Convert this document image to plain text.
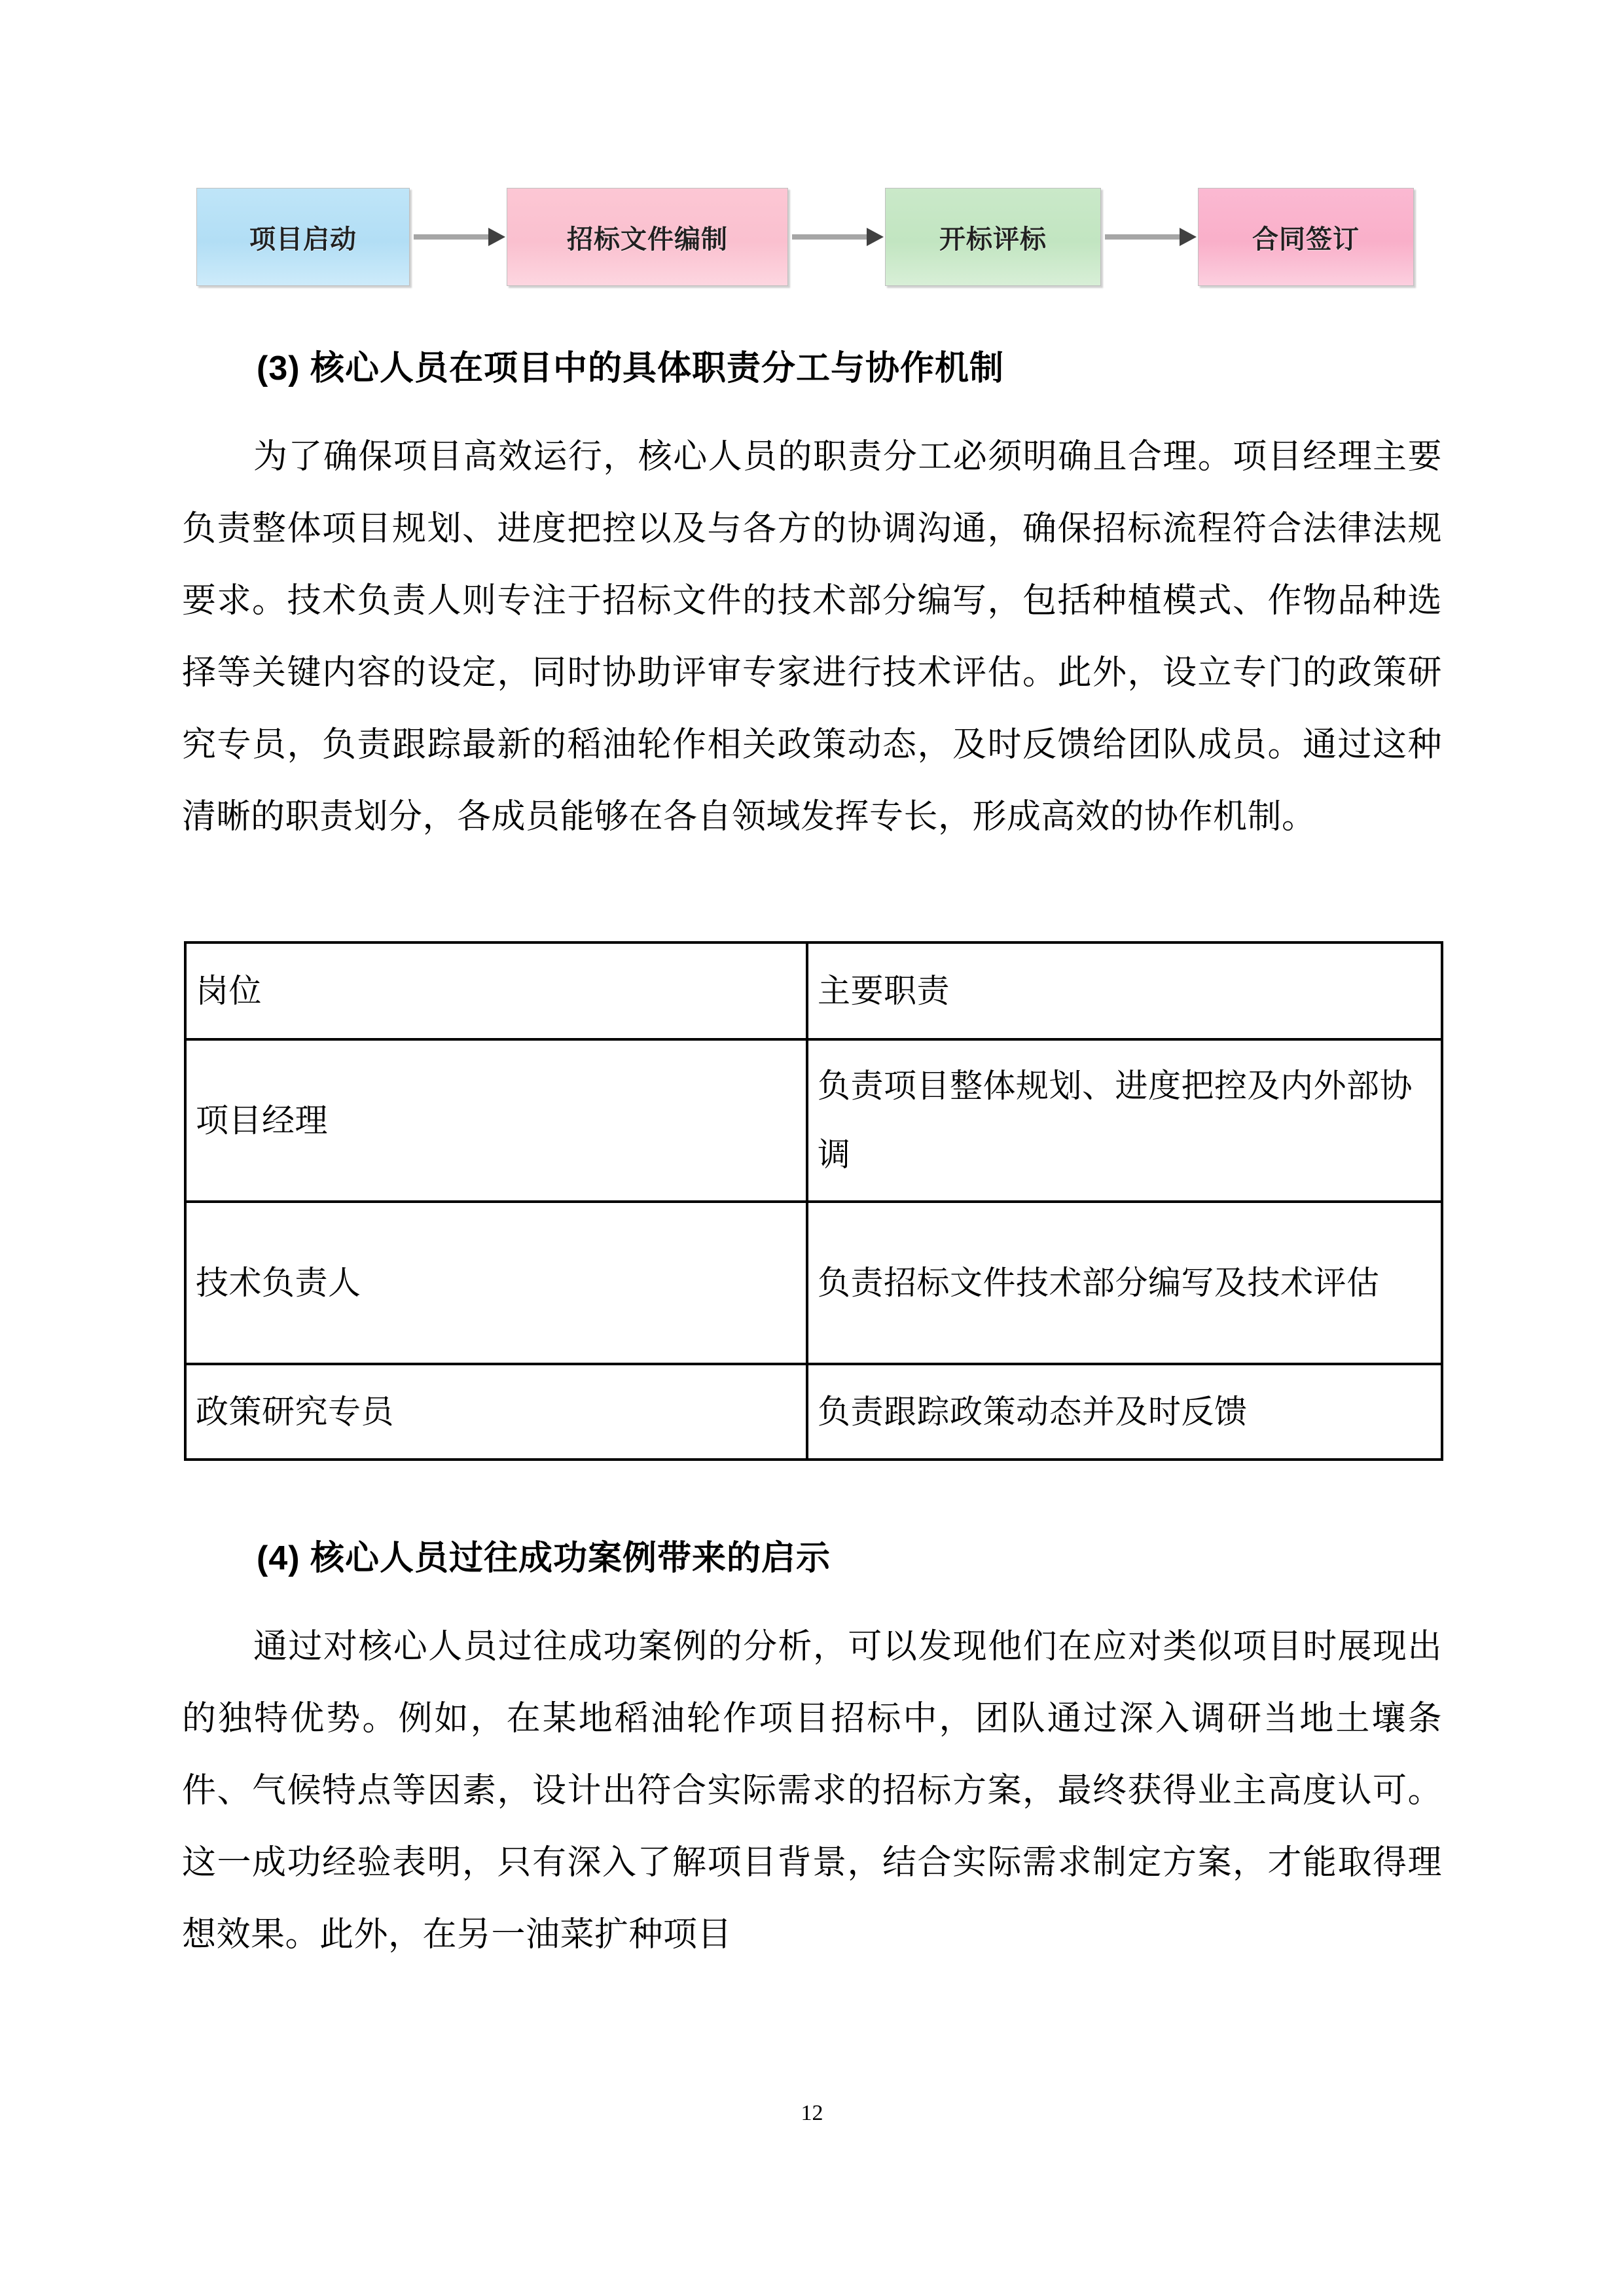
项目启动	招标文件编制	开标评标	合同签订
(3) 核心人员在项目中的具体职责分工与协作机制

为了确保项目高效运行，核心人员的职责分工必须明确且合理。项目经理主要负责整体项目规划、进度把控以及与各方的协调沟通，确保招标流程符合法律法规要求。技术负责人则专注于招标文件的技术部分编写，包括种植模式、作物品种选择等关键内容的设定，同时协助评审专家进行技术评估。此外，设立专门的政策研究专员，负责跟踪最新的稻油轮作相关政策动态，及时反馈给团队成员。通过这种清晰的职责划分，各成员能够在各自领域发挥专长，形成高效的协作机制。

岗位	主要职责
项目经理	负责项目整体规划、进度把控及内外部协调
技术负责人	负责招标文件技术部分编写及技术评估
政策研究专员	负责跟踪政策动态并及时反馈
(4) 核心人员过往成功案例带来的启示

通过对核心人员过往成功案例的分析，可以发现他们在应对类似项目时展现出的独特优势。例如，在某地稻油轮作项目招标中，团队通过深入调研当地土壤条件、气候特点等因素，设计出符合实际需求的招标方案，最终获得业主高度认可。这一成功经验表明，只有深入了解项目背景，结合实际需求制定方案，才能取得理想效果。此外，在另一油菜扩种项目

12
